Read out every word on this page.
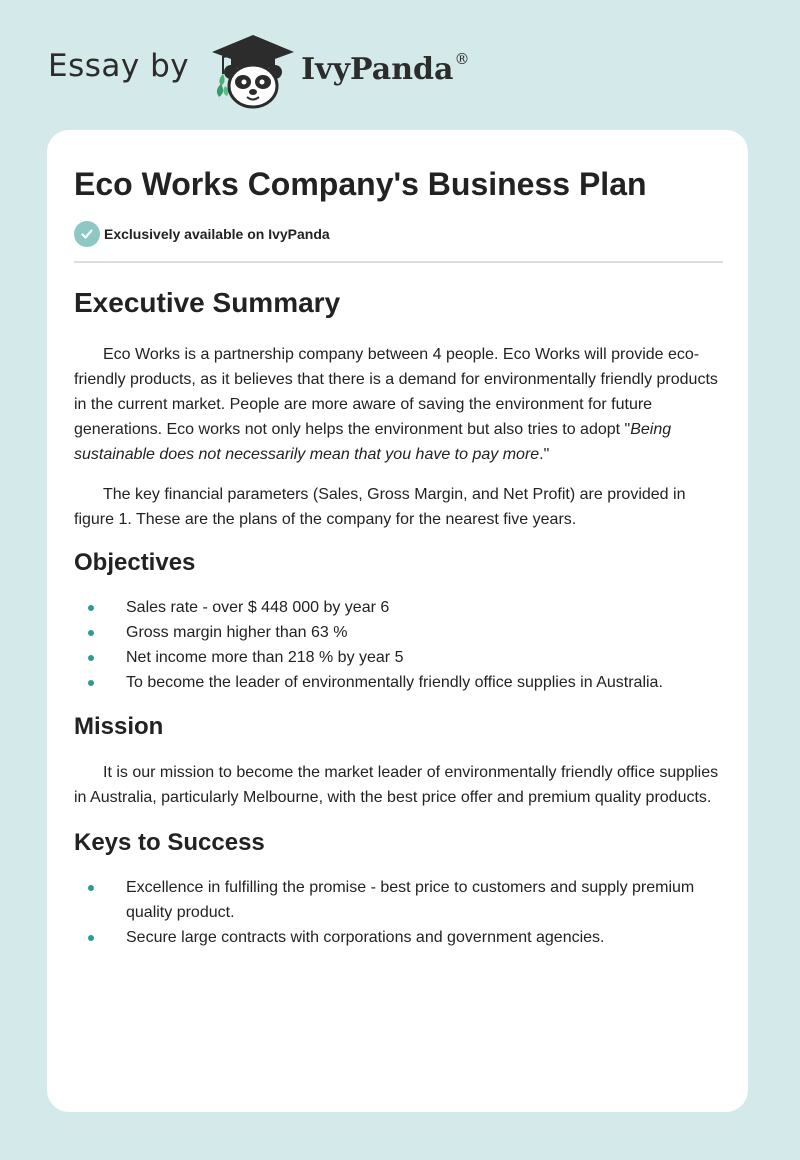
Essay by	IvyPanda®
Eco Works Company's Business Plan
Exclusively available on IvyPanda
Executive Summary

Eco Works is a partnership company between 4 people. Eco Works will provide eco-friendly products, as it believes that there is a demand for environmentally friendly products in the current market. People are more aware of saving the environment for future generations. Eco works not only helps the environment but also tries to adopt "Being sustainable does not necessarily mean that you have to pay more."

The key financial parameters (Sales, Gross Margin, and Net Profit) are provided in figure 1. These are the plans of the company for the nearest five years.

Objectives
Sales rate - over $ 448 000 by year 6
Gross margin higher than 63 %
Net income more than 218 % by year 5
To become the leader of environmentally friendly office supplies in Australia.
Mission

It is our mission to become the market leader of environmentally friendly office supplies in Australia, particularly Melbourne, with the best price offer and premium quality products.

Keys to Success
Excellence in fulfilling the promise - best price to customers and supply premium quality product.
Secure large contracts with corporations and government agencies.
